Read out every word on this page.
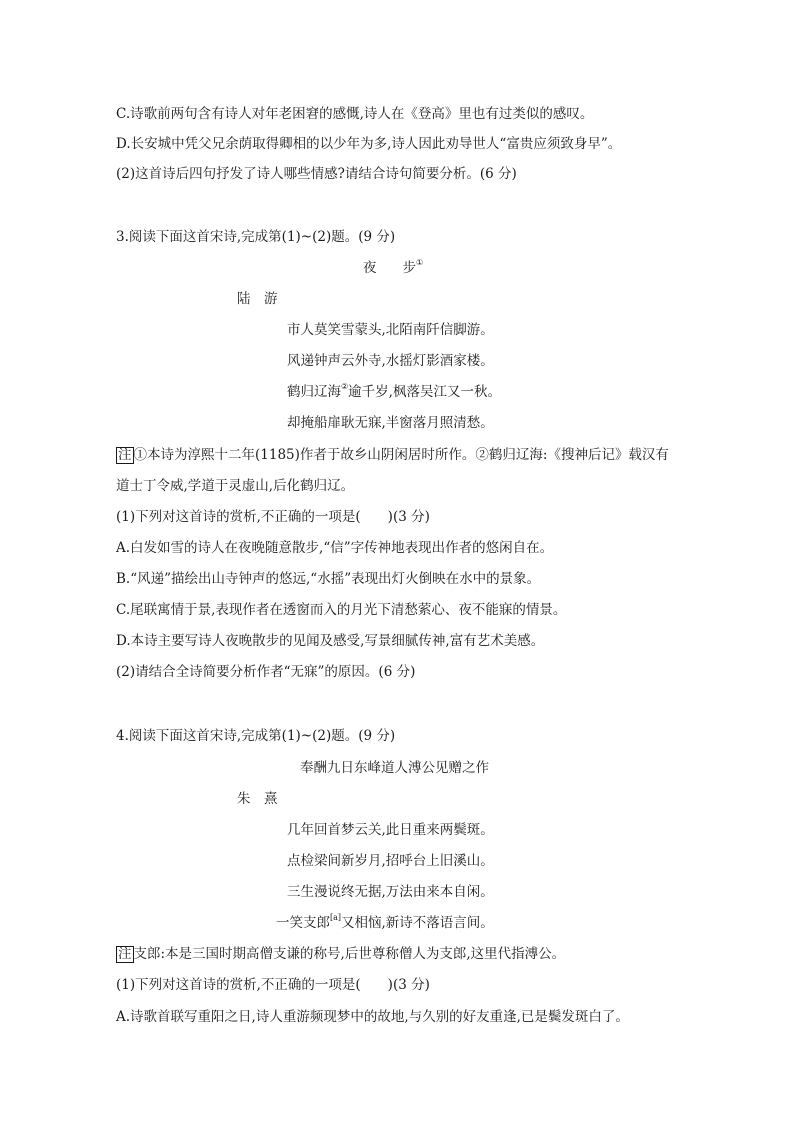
C.诗歌前两句含有诗人对年老困窘的感慨,诗人在《登高》里也有过类似的感叹。
D.长安城中凭父兄余荫取得卿相的以少年为多,诗人因此劝导世人“富贵应须致身早”。
(2)这首诗后四句抒发了诗人哪些情感?请结合诗句简要分析。(6 分)
3.阅读下面这首宋诗,完成第(1)~(2)题。(9 分)
夜 步①
陆　游
市人莫笑雪蒙头,北陌南阡信脚游。
风递钟声云外寺,水摇灯影酒家楼。
鹤归辽海②逾千岁,枫落吴江又一秋。
却掩船扉耿无寐,半窗落月照清愁。
注 ①本诗为淳熙十二年(1185)作者于故乡山阴闲居时所作。②鹤归辽海:《搜神后记》载汉有
道士丁令威,学道于灵虚山,后化鹤归辽。
(1)下列对这首诗的赏析,不正确的一项是(　　)(3 分)
A.白发如雪的诗人在夜晚随意散步,“信”字传神地表现出作者的悠闲自在。
B.“风递”描绘出山寺钟声的悠远,“水摇”表现出灯火倒映在水中的景象。
C.尾联寓情于景,表现作者在透窗而入的月光下清愁萦心、夜不能寐的情景。
D.本诗主要写诗人夜晚散步的见闻及感受,写景细腻传神,富有艺术美感。
(2)请结合全诗简要分析作者“无寐”的原因。(6 分)
4.阅读下面这首宋诗,完成第(1)~(2)题。(9 分)
奉酬九日东峰道人溥公见赠之作
朱　熹
几年回首梦云关,此日重来两鬓斑。
点检梁间新岁月,招呼台上旧溪山。
三生漫说终无据,万法由来本自闲。
一笑支郎[a]又相恼,新诗不落语言间。
注 支郎:本是三国时期高僧支谦的称号,后世尊称僧人为支郎,这里代指溥公。
(1)下列对这首诗的赏析,不正确的一项是(　　)(3 分)
A.诗歌首联写重阳之日,诗人重游频现梦中的故地,与久别的好友重逢,已是鬓发斑白了。
